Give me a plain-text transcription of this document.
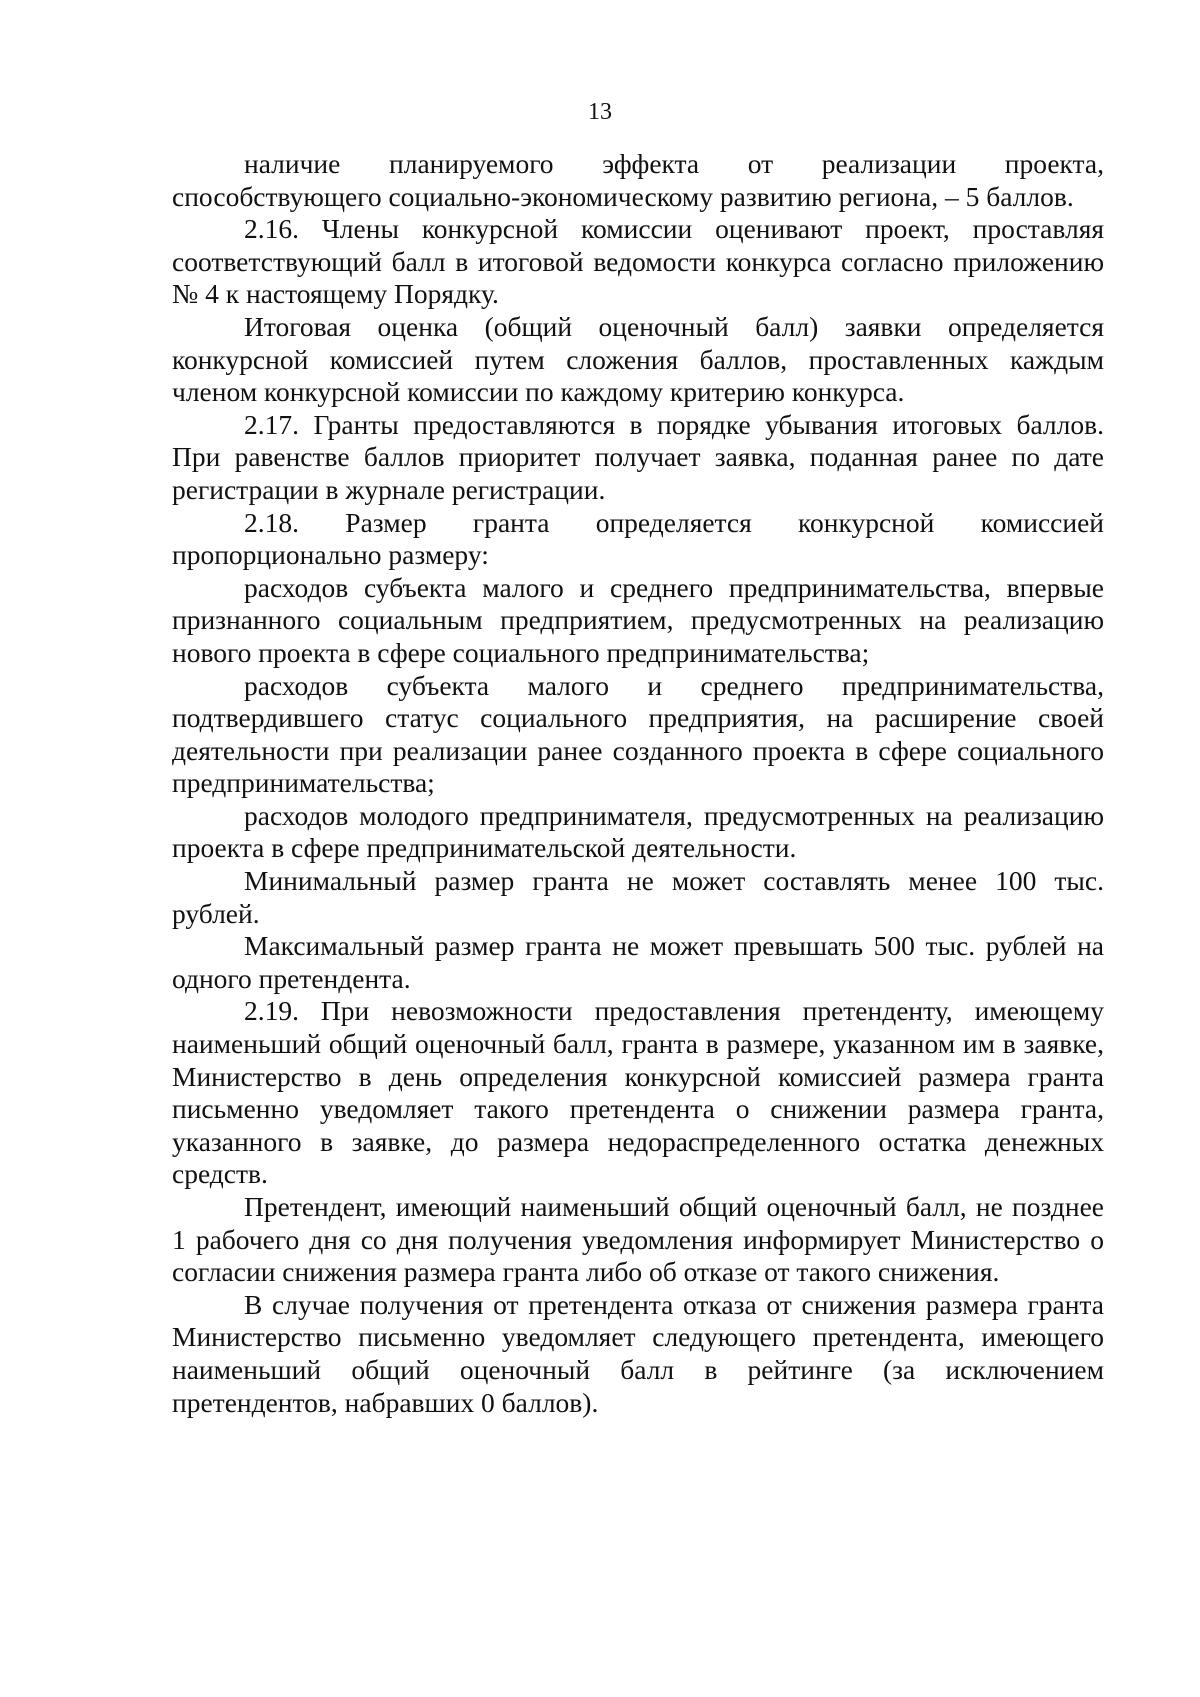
13

наличие планируемого эффекта от реализации проекта, способствующего социально-экономическому развитию региона, – 5 баллов.

2.16. Члены конкурсной комиссии оценивают проект, проставляя соответствующий балл в итоговой ведомости конкурса согласно приложению № 4 к настоящему Порядку.

Итоговая оценка (общий оценочный балл) заявки определяется конкурсной комиссией путем сложения баллов, проставленных каждым членом конкурсной комиссии по каждому критерию конкурса.

2.17. Гранты предоставляются в порядке убывания итоговых баллов. При равенстве баллов приоритет получает заявка, поданная ранее по дате регистрации в журнале регистрации.

2.18. Размер гранта определяется конкурсной комиссией пропорционально размеру:

расходов субъекта малого и среднего предпринимательства, впервые признанного социальным предприятием, предусмотренных на реализацию нового проекта в сфере социального предпринимательства;

расходов субъекта малого и среднего предпринимательства, подтвердившего статус социального предприятия, на расширение своей деятельности при реализации ранее созданного проекта в сфере социального предпринимательства;

расходов молодого предпринимателя, предусмотренных на реализацию проекта в сфере предпринимательской деятельности.

Минимальный размер гранта не может составлять менее 100 тыс. рублей.

Максимальный размер гранта не может превышать 500 тыс. рублей на одного претендента.

2.19. При невозможности предоставления претенденту, имеющему наименьший общий оценочный балл, гранта в размере, указанном им в заявке, Министерство в день определения конкурсной комиссией размера гранта письменно уведомляет такого претендента о снижении размера гранта, указанного в заявке, до размера недораспределенного остатка денежных средств.

Претендент, имеющий наименьший общий оценочный балл, не позднее 1 рабочего дня со дня получения уведомления информирует Министерство о согласии снижения размера гранта либо об отказе от такого снижения.

В случае получения от претендента отказа от снижения размера гранта Министерство письменно уведомляет следующего претендента, имеющего наименьший общий оценочный балл в рейтинге (за исключением претендентов, набравших 0 баллов).
